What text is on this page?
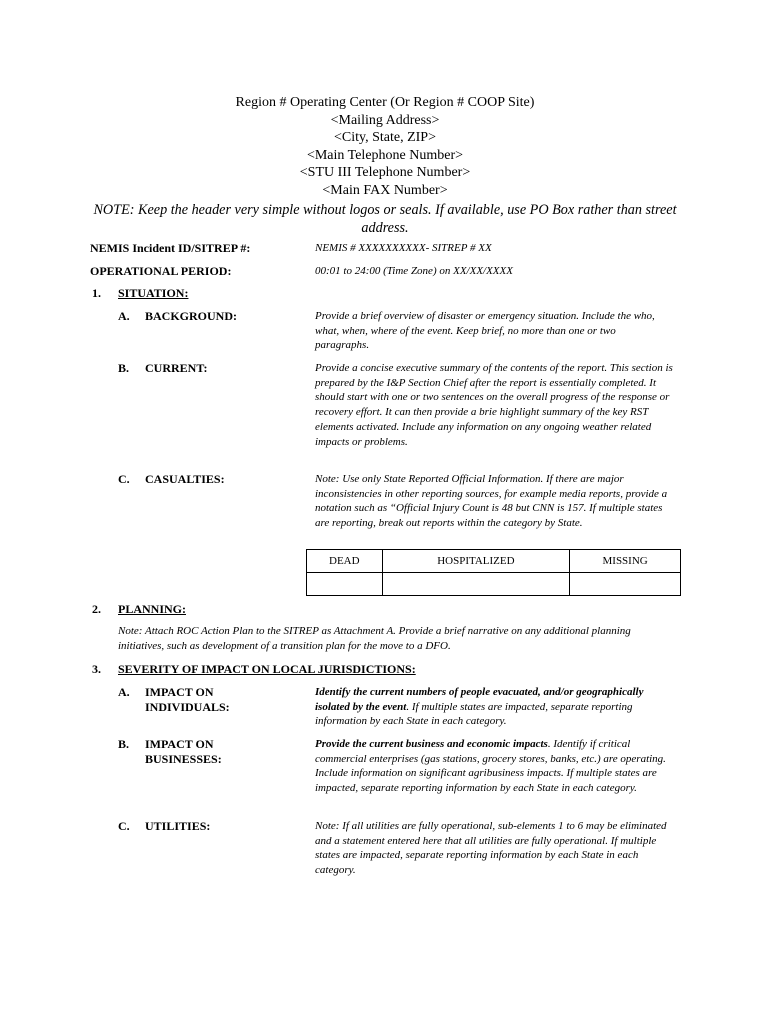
Region # Operating Center (Or Region # COOP Site)
<Mailing Address>
<City, State, ZIP>
<Main Telephone Number>
<STU III Telephone Number>
<Main FAX Number>
NOTE: Keep the header very simple without logos or seals. If available, use PO Box rather than street address.
NEMIS Incident ID/SITREP #:	NEMIS # XXXXXXXXXX- SITREP # XX
OPERATIONAL PERIOD:	00:01 to 24:00 (Time Zone) on XX/XX/XXXX
1. SITUATION:
A. BACKGROUND:	Provide a brief overview of disaster or emergency situation. Include the who, what, when, where of the event. Keep brief, no more than one or two paragraphs.
B. CURRENT:	Provide a concise executive summary of the contents of the report. This section is prepared by the I&P Section Chief after the report is essentially completed. It should start with one or two sentences on the overall progress of the response or recovery effort. It can then provide a brie highlight summary of the key RST elements activated. Include any information on any ongoing weather related impacts or problems.
C. CASUALTIES:	Note: Use only State Reported Official Information. If there are major inconsistencies in other reporting sources, for example media reports, provide a notation such as “Official Injury Count is 48 but CNN is 157. If multiple states are reporting, break out reports within the category by State.
DEAD	HOSPITALIZED	MISSING

2. PLANNING:
Note: Attach ROC Action Plan to the SITREP as Attachment A. Provide a brief narrative on any additional planning initiatives, such as development of a transition plan for the move to a DFO.
3. SEVERITY OF IMPACT ON LOCAL JURISDICTIONS:
A. IMPACT ON
INDIVIDUALS:
Identify the current numbers of people evacuated, and/or geographically isolated by the event. If multiple states are impacted, separate reporting information by each State in each category.
B. IMPACT ON
BUSINESSES:
Provide the current business and economic impacts. Identify if critical commercial enterprises (gas stations, grocery stores, banks, etc.) are operating. Include information on significant agribusiness impacts. If multiple states are impacted, separate reporting information by each State in each category.
C. UTILITIES:	Note: If all utilities are fully operational, sub-elements 1 to 6 may be eliminated and a statement entered here that all utilities are fully operational. If multiple states are impacted, separate reporting information by each State in each category.
